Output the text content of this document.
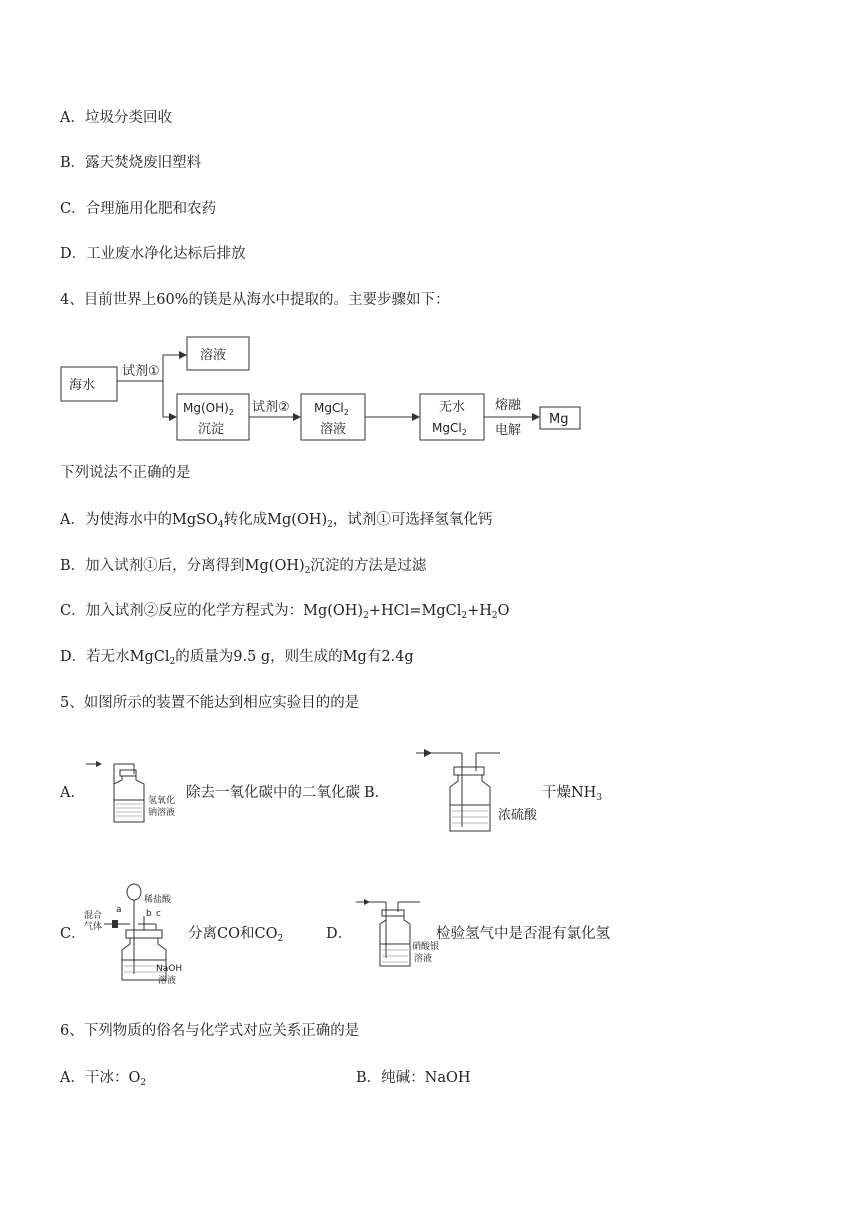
A．垃圾分类回收
B．露天焚烧废旧塑料
C．合理施用化肥和农药
D．工业废水净化达标后排放
4、目前世界上60%的镁是从海水中提取的。主要步骤如下：
海水
试剂①
溶液
$Mg(OH)_2$
沉淀
试剂② MgCl$_2$
溶液
无水
MgCl$_2$
熔融
电解
Mg
下列说法不正确的是
A．为使海水中的MgSO$_4$转化成$Mg(OH)_2$，试剂①可选择氢氧化钙
B．加入试剂①后，分离得到$Mg(OH)_2$沉淀的方法是过滤
C．加入试剂②反应的化学方程式为：$Mg(OH)_2+HCl=MgCl_2+H_2O$
D．若无水MgCl$_2$的质量为9.5 g，则生成的Mg有2.4g
5、如图所示的装置不能达到相应实验目的的是
A．	氢氧化
钠溶液
除去一氧化碳中的二氧化碳 B．
浓硫酸
干燥$NH_3$
C．
混合
气体
稀盐酸
a	b c
NaOH
溶液
分离CO和$CO_2$	D．
硝酸银
溶液
检验氢气中是否混有氯化氢
6、下列物质的俗名与化学式对应关系正确的是
A．干冰：$O_2$	B．纯碱：NaOH
